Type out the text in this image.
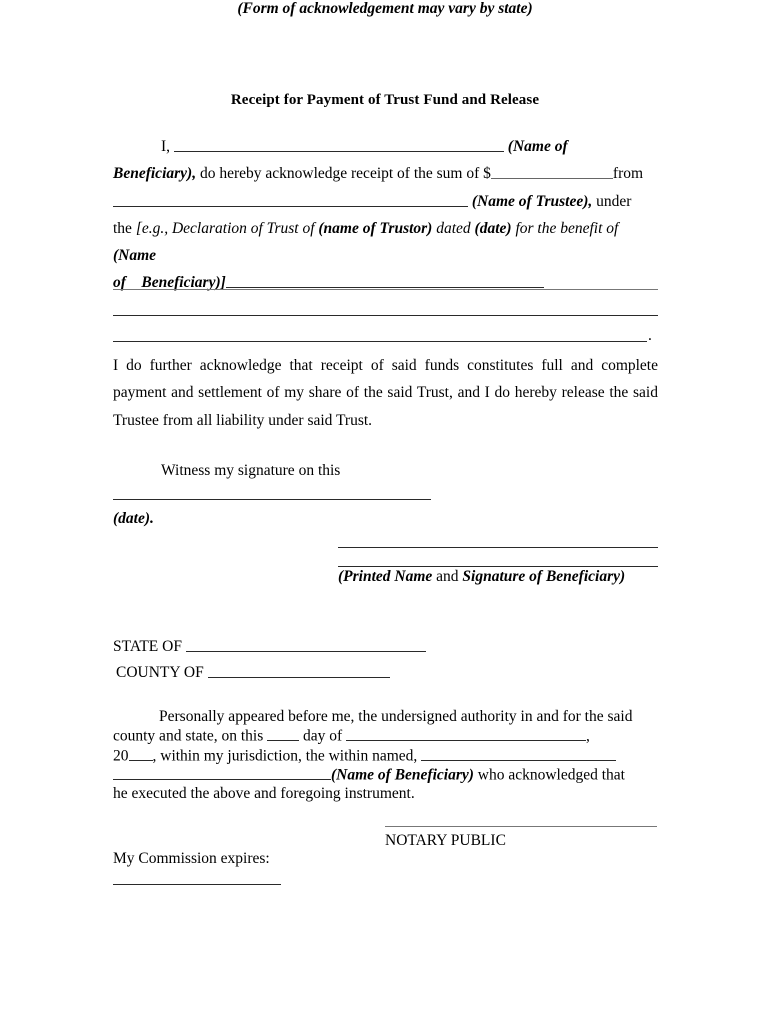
Receipt for Payment of Trust Fund and Release
I,	(Name of
Beneficiary), do hereby acknowledge receipt of the sum of $	from
(Name of Trustee), under
the [e.g., Declaration of Trust of (name of Trustor) dated (date) for the benefit of (Name
of Beneficiary)]
.
I do further acknowledge that receipt of said funds constitutes full and complete payment and settlement of my share of the said Trust, and I do hereby release the said Trustee from all liability under said Trust.
Witness my signature on this
(date).
(Printed Name and Signature of Beneficiary)
STATE OF
COUNTY OF
Personally appeared before me, the undersigned authority in and for the said
county and state, on this	day of	,
20 , within my jurisdiction, the within named,
(Name of Beneficiary) who acknowledged that
he executed the above and foregoing instrument.
NOTARY PUBLIC
My Commission expires:
(Form of acknowledgement may vary by state)
